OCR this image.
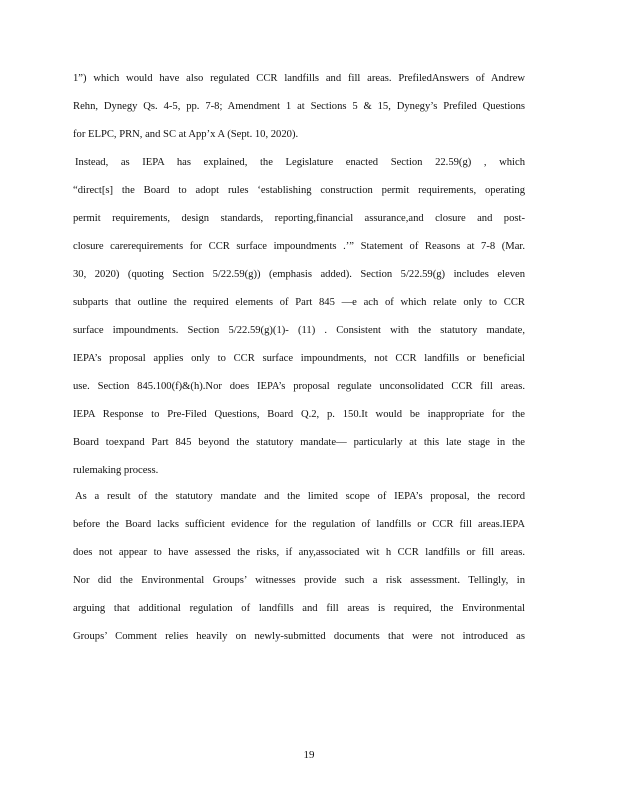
1”) which would have also regulated CCR landfills and fill areas. PrefiledAnswers of Andrew
Rehn, Dynegy Qs. 4-5, pp. 7-8; Amendment 1 at Sections 5 & 15, Dynegy’s Prefiled Questions
for ELPC, PRN, and SC at App’x A (Sept. 10, 2020).
Instead, as IEPA has explained, the Legislature enacted Section 22.59(g) , which
“direct[s] the Board to adopt rules ‘establishing construction permit requirements, operating
permit requirements, design standards, reporting,financial assurance,and closure and post-
closure carerequirements for CCR surface impoundments .’” Statement of Reasons at 7-8 (Mar.
30, 2020) (quoting Section 5/22.59(g)) (emphasis added). Section 5/22.59(g) includes eleven
subparts that outline the required elements of Part 845 —e ach of which relate only to CCR
surface impoundments. Section 5/22.59(g)(1)- (11) . Consistent with the statutory mandate,
IEPA’s proposal applies only to CCR surface impoundments, not CCR landfills or beneficial
use. Section 845.100(f)&(h).Nor does IEPA’s proposal regulate unconsolidated CCR fill areas.
IEPA Response to Pre-Filed Questions, Board Q.2, p. 150.It would be inappropriate for the
Board toexpand Part 845 beyond the statutory mandate— particularly at this late stage in the
rulemaking process.
As a result of the statutory mandate and the limited scope of IEPA’s proposal, the record
before the Board lacks sufficient evidence for the regulation of landfills or CCR fill areas.IEPA
does not appear to have assessed the risks, if any,associated wit h CCR landfills or fill areas.
Nor did the Environmental Groups’ witnesses provide such a risk assessment. Tellingly, in
arguing that additional regulation of landfills and fill areas is required, the Environmental
Groups’ Comment relies heavily on newly-submitted documents that were not introduced as
19
